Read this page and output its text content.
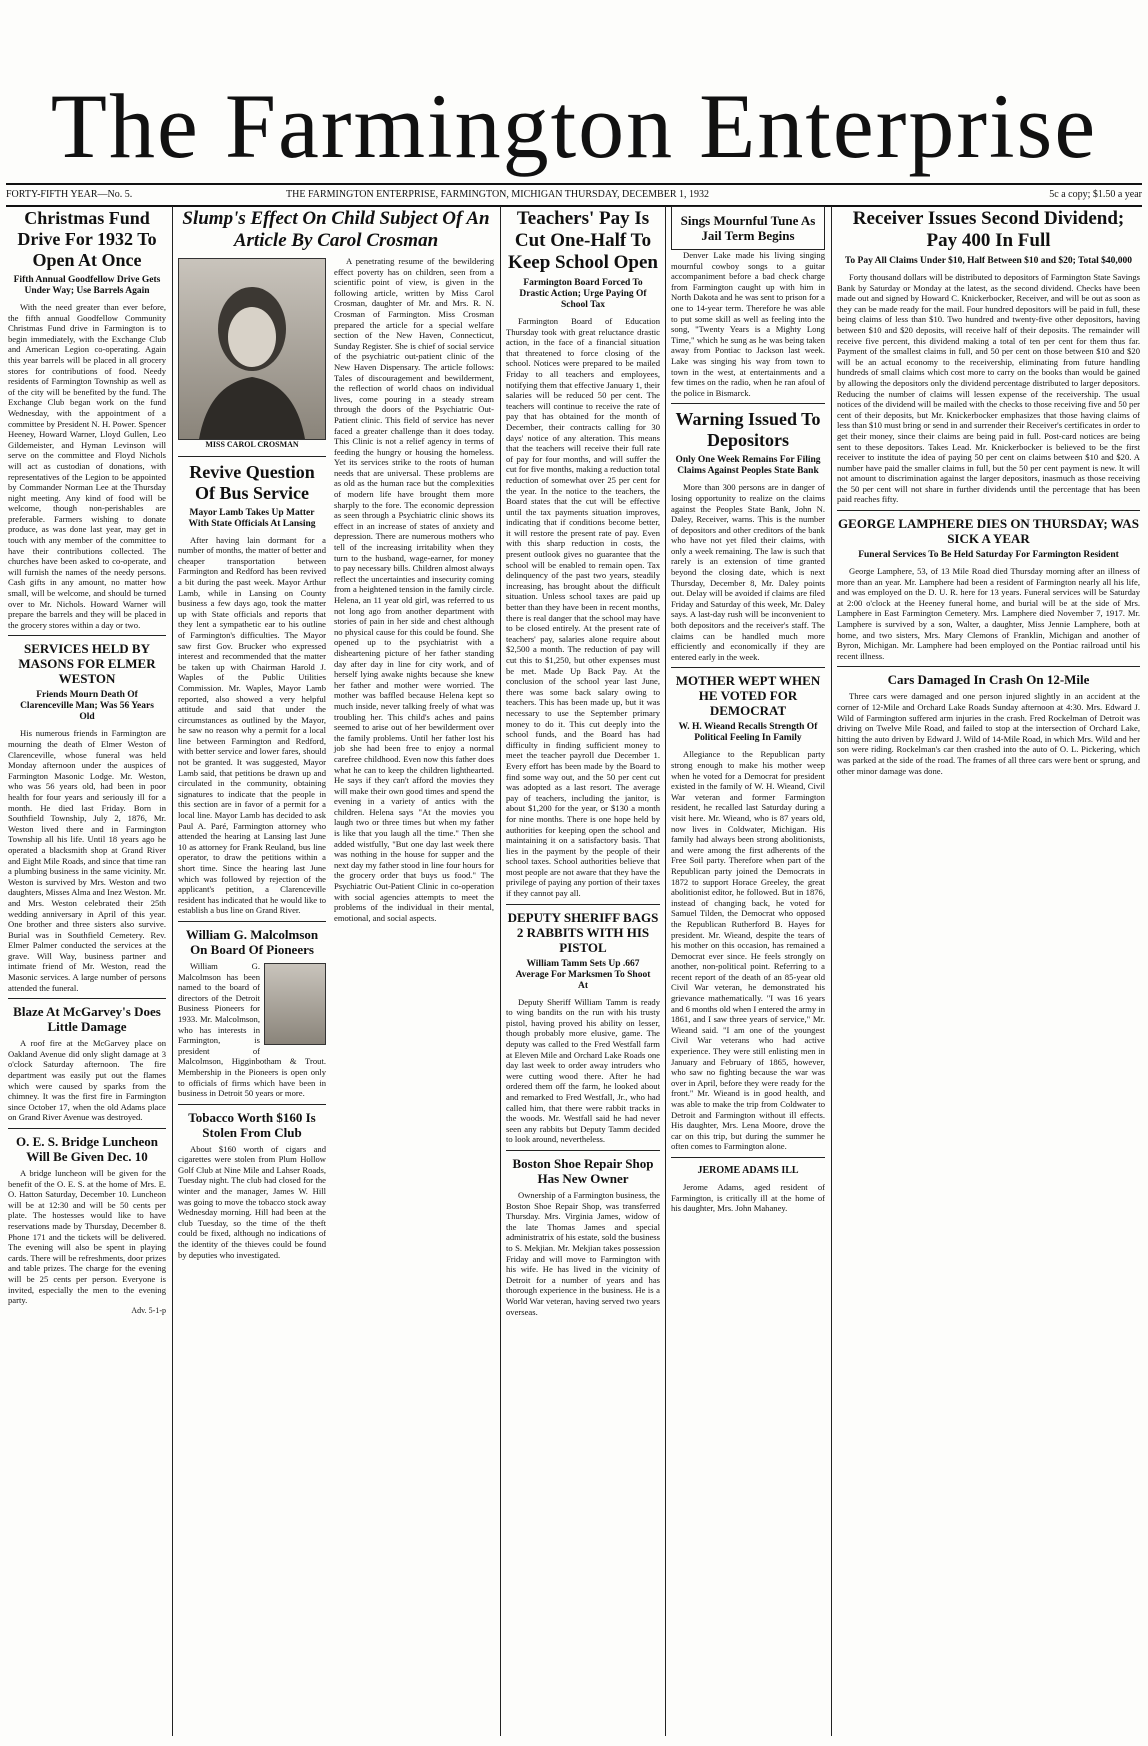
The Farmington Enterprise
FORTY-FIFTH YEAR—No. 5.	THE FARMINGTON ENTERPRISE, FARMINGTON, MICHIGAN THURSDAY, DECEMBER 1, 1932	5c a copy; $1.50 a year
Christmas Fund Drive For 1932 To Open At Once
Fifth Annual Goodfellow Drive Gets Under Way; Use Barrels Again

With the need greater than ever before, the fifth annual Goodfellow Community Christmas Fund drive in Farmington is to begin immediately, with the Exchange Club and American Legion co-operating. Again this year barrels will be placed in all grocery stores for contributions of food. Needy residents of Farmington Township as well as of the city will be benefited by the fund. The Exchange Club began work on the fund Wednesday, with the appointment of a committee by President N. H. Power. Spencer Heeney, Howard Warner, Lloyd Gullen, Leo Gildemeister, and Hyman Levinson will serve on the committee and Floyd Nichols will act as custodian of donations, with representatives of the Legion to be appointed by Commander Norman Lee at the Thursday night meeting. Any kind of food will be welcome, though non-perishables are preferable. Farmers wishing to donate produce, as was done last year, may get in touch with any member of the committee to have their contributions collected. The churches have been asked to co-operate, and will furnish the names of the needy persons. Cash gifts in any amount, no matter how small, will be welcome, and should be turned over to Mr. Nichols. Howard Warner will prepare the barrels and they will be placed in the grocery stores within a day or two.

SERVICES HELD BY MASONS FOR ELMER WESTON
Friends Mourn Death Of Clarenceville Man; Was 56 Years Old

His numerous friends in Farmington are mourning the death of Elmer Weston of Clarenceville, whose funeral was held Monday afternoon under the auspices of Farmington Masonic Lodge. Mr. Weston, who was 56 years old, had been in poor health for four years and seriously ill for a month. He died last Friday. Born in Southfield Township, July 2, 1876, Mr. Weston lived there and in Farmington Township all his life. Until 18 years ago he operated a blacksmith shop at Grand River and Eight Mile Roads, and since that time ran a plumbing business in the same vicinity. Mr. Weston is survived by Mrs. Weston and two daughters, Misses Alma and Inez Weston. Mr. and Mrs. Weston celebrated their 25th wedding anniversary in April of this year. One brother and three sisters also survive. Burial was in Southfield Cemetery. Rev. Elmer Palmer conducted the services at the grave. Will Way, business partner and intimate friend of Mr. Weston, read the Masonic services. A large number of persons attended the funeral.

Blaze At McGarvey's Does Little Damage

A roof fire at the McGarvey place on Oakland Avenue did only slight damage at 3 o'clock Saturday afternoon. The fire department was easily put out the flames which were caused by sparks from the chimney. It was the first fire in Farmington since October 17, when the old Adams place on Grand River Avenue was destroyed.

O. E. S. Bridge Luncheon Will Be Given Dec. 10

A bridge luncheon will be given for the benefit of the O. E. S. at the home of Mrs. E. O. Hatton Saturday, December 10. Luncheon will be at 12:30 and will be 50 cents per plate. The hostesses would like to have reservations made by Thursday, December 8. Phone 171 and the tickets will be delivered. The evening will also be spent in playing cards. There will be refreshments, door prizes and table prizes. The charge for the evening will be 25 cents per person. Everyone is invited, especially the men to the evening party.

Adv. 5-1-p
Slump's Effect On Child Subject Of An Article By Carol Crosman
MISS CAROL CROSMAN
Revive Question Of Bus Service
Mayor Lamb Takes Up Matter With State Officials At Lansing

After having lain dormant for a number of months, the matter of better and cheaper transportation between Farmington and Redford has been revived a bit during the past week. Mayor Arthur Lamb, while in Lansing on County business a few days ago, took the matter up with State officials and reports that they lent a sympathetic ear to his outline of Farmington's difficulties. The Mayor saw first Gov. Brucker who expressed interest and recommended that the matter be taken up with Chairman Harold J. Waples of the Public Utilities Commission. Mr. Waples, Mayor Lamb reported, also showed a very helpful attitude and said that under the circumstances as outlined by the Mayor, he saw no reason why a permit for a local line between Farmington and Redford, with better service and lower fares, should not be granted. It was suggested, Mayor Lamb said, that petitions be drawn up and circulated in the community, obtaining signatures to indicate that the people in this section are in favor of a permit for a local line. Mayor Lamb has decided to ask Paul A. Paré, Farmington attorney who attended the hearing at Lansing last June 10 as attorney for Frank Reuland, bus line operator, to draw the petitions within a short time. Since the hearing last June which was followed by rejection of the applicant's petition, a Clarenceville resident has indicated that he would like to establish a bus line on Grand River.

William G. Malcolmson On Board Of Pioneers

William G. Malcolmson has been named to the board of directors of the Detroit Business Pioneers for 1933. Mr. Malcolmson, who has interests in Farmington, is president of Malcolmson, Higginbotham & Trout. Membership in the Pioneers is open only to officials of firms which have been in business in Detroit 50 years or more.

Tobacco Worth $160 Is Stolen From Club

About $160 worth of cigars and cigarettes were stolen from Plum Hollow Golf Club at Nine Mile and Lahser Roads, Tuesday night. The club had closed for the winter and the manager, James W. Hill was going to move the tobacco stock away Wednesday morning. Hill had been at the club Tuesday, so the time of the theft could be fixed, although no indications of the identity of the thieves could be found by deputies who investigated.

A penetrating resume of the bewildering effect poverty has on children, seen from a scientific point of view, is given in the following article, written by Miss Carol Crosman, daughter of Mr. and Mrs. R. N. Crosman of Farmington. Miss Crosman prepared the article for a special welfare section of the New Haven, Connecticut, Sunday Register. She is chief of social service of the psychiatric out-patient clinic of the New Haven Dispensary. The article follows: Tales of discouragement and bewilderment, the reflection of world chaos on individual lives, come pouring in a steady stream through the doors of the Psychiatric Out-Patient clinic. This field of service has never faced a greater challenge than it does today. This Clinic is not a relief agency in terms of feeding the hungry or housing the homeless. Yet its services strike to the roots of human needs that are universal. These problems are as old as the human race but the complexities of modern life have brought them more sharply to the fore. The economic depression as seen through a Psychiatric clinic shows its effect in an increase of states of anxiety and depression. There are numerous mothers who tell of the increasing irritability when they turn to the husband, wage-earner, for money to pay necessary bills. Children almost always reflect the uncertainties and insecurity coming from a heightened tension in the family circle. Helena, an 11 year old girl, was referred to us not long ago from another department with stories of pain in her side and chest although no physical cause for this could be found. She opened up to the psychiatrist with a disheartening picture of her father standing day after day in line for city work, and of herself lying awake nights because she knew her father and mother were worried. The mother was baffled because Helena kept so much inside, never talking freely of what was troubling her. This child's aches and pains seemed to arise out of her bewilderment over the family problems. Until her father lost his job she had been free to enjoy a normal carefree childhood. Even now this father does what he can to keep the children lighthearted. He says if they can't afford the movies they will make their own good times and spend the evening in a variety of antics with the children. Helena says "At the movies you laugh two or three times but when my father is like that you laugh all the time." Then she added wistfully, "But one day last week there was nothing in the house for supper and the next day my father stood in line four hours for the grocery order that buys us food." The Psychiatric Out-Patient Clinic in co-operation with social agencies attempts to meet the problems of the individual in their mental, emotional, and social aspects.

Teachers' Pay Is Cut One-Half To Keep School Open
Farmington Board Forced To Drastic Action; Urge Paying Of School Tax

Farmington Board of Education Thursday took with great reluctance drastic action, in the face of a financial situation that threatened to force closing of the school. Notices were prepared to be mailed Friday to all teachers and employees, notifying them that effective January 1, their salaries will be reduced 50 per cent. The teachers will continue to receive the rate of pay that has obtained for the month of December, their contracts calling for 30 days' notice of any alteration. This means that the teachers will receive their full rate of pay for four months, and will suffer the cut for five months, making a reduction total reduction of somewhat over 25 per cent for the year. In the notice to the teachers, the Board states that the cut will be effective until the tax payments situation improves, indicating that if conditions become better, it will restore the present rate of pay. Even with this sharp reduction in costs, the present outlook gives no guarantee that the school will be enabled to remain open. Tax delinquency of the past two years, steadily increasing, has brought about the difficult situation. Unless school taxes are paid up better than they have been in recent months, there is real danger that the school may have to be closed entirely. At the present rate of teachers' pay, salaries alone require about $2,500 a month. The reduction of pay will cut this to $1,250, but other expenses must be met. Made Up Back Pay. At the conclusion of the school year last June, there was some back salary owing to teachers. This has been made up, but it was necessary to use the September primary money to do it. This cut deeply into the school funds, and the Board has had difficulty in finding sufficient money to meet the teacher payroll due December 1. Every effort has been made by the Board to find some way out, and the 50 per cent cut was adopted as a last resort. The average pay of teachers, including the janitor, is about $1,200 for the year, or $130 a month for nine months. There is one hope held by authorities for keeping open the school and maintaining it on a satisfactory basis. That lies in the payment by the people of their school taxes. School authorities believe that most people are not aware that they have the privilege of paying any portion of their taxes if they cannot pay all.

DEPUTY SHERIFF BAGS 2 RABBITS WITH HIS PISTOL
William Tamm Sets Up .667 Average For Marksmen To Shoot At

Deputy Sheriff William Tamm is ready to wing bandits on the run with his trusty pistol, having proved his ability on lesser, though probably more elusive, game. The deputy was called to the Fred Westfall farm at Eleven Mile and Orchard Lake Roads one day last week to order away intruders who were cutting wood there. After he had ordered them off the farm, he looked about and remarked to Fred Westfall, Jr., who had called him, that there were rabbit tracks in the woods. Mr. Westfall said he had never seen any rabbits but Deputy Tamm decided to look around, nevertheless.

Boston Shoe Repair Shop Has New Owner

Ownership of a Farmington business, the Boston Shoe Repair Shop, was transferred Thursday. Mrs. Virginia James, widow of the late Thomas James and special administratrix of his estate, sold the business to S. Mekjian. Mr. Mekjian takes possession Friday and will move to Farmington with his wife. He has lived in the vicinity of Detroit for a number of years and has thorough experience in the business. He is a World War veteran, having served two years overseas.

Sings Mournful Tune As Jail Term Begins

Denver Lake made his living singing mournful cowboy songs to a guitar accompaniment before a bad check charge from Farmington caught up with him in North Dakota and he was sent to prison for a one to 14-year term. Therefore he was able to put some skill as well as feeling into the song, "Twenty Years is a Mighty Long Time," which he sung as he was being taken away from Pontiac to Jackson last week. Lake was singing his way from town to town in the west, at entertainments and a few times on the radio, when he ran afoul of the police in Bismarck.

Warning Issued To Depositors
Only One Week Remains For Filing Claims Against Peoples State Bank

More than 300 persons are in danger of losing opportunity to realize on the claims against the Peoples State Bank, John N. Daley, Receiver, warns. This is the number of depositors and other creditors of the bank who have not yet filed their claims, with only a week remaining. The law is such that rarely is an extension of time granted beyond the closing date, which is next Thursday, December 8, Mr. Daley points out. Delay will be avoided if claims are filed Friday and Saturday of this week, Mr. Daley says. A last-day rush will be inconvenient to both depositors and the receiver's staff. The claims can be handled much more efficiently and economically if they are entered early in the week.

MOTHER WEPT WHEN HE VOTED FOR DEMOCRAT
W. H. Wieand Recalls Strength Of Political Feeling In Family

Allegiance to the Republican party strong enough to make his mother weep when he voted for a Democrat for president existed in the family of W. H. Wieand, Civil War veteran and former Farmington resident, he recalled last Saturday during a visit here. Mr. Wieand, who is 87 years old, now lives in Coldwater, Michigan. His family had always been strong abolitionists, and were among the first adherents of the Free Soil party. Therefore when part of the Republican party joined the Democrats in 1872 to support Horace Greeley, the great abolitionist editor, he followed. But in 1876, instead of changing back, he voted for Samuel Tilden, the Democrat who opposed the Republican Rutherford B. Hayes for president. Mr. Wieand, despite the tears of his mother on this occasion, has remained a Democrat ever since. He feels strongly on another, non-political point. Referring to a recent report of the death of an 85-year old Civil War veteran, he demonstrated his grievance mathematically. "I was 16 years and 6 months old when I entered the army in 1861, and I saw three years of service," Mr. Wieand said. "I am one of the youngest Civil War veterans who had active experience. They were still enlisting men in January and February of 1865, however, who saw no fighting because the war was over in April, before they were ready for the front." Mr. Wieand is in good health, and was able to make the trip from Coldwater to Detroit and Farmington without ill effects. His daughter, Mrs. Lena Moore, drove the car on this trip, but during the summer he often comes to Farmington alone.

JEROME ADAMS ILL

Jerome Adams, aged resident of Farmington, is critically ill at the home of his daughter, Mrs. John Mahaney.

Receiver Issues Second Dividend; Pay 400 In Full
To Pay All Claims Under $10, Half Between $10 and $20; Total $40,000

Forty thousand dollars will be distributed to depositors of Farmington State Savings Bank by Saturday or Monday at the latest, as the second dividend. Checks have been made out and signed by Howard C. Knickerbocker, Receiver, and will be out as soon as they can be made ready for the mail. Four hundred depositors will be paid in full, these being claims of less than $10. Two hundred and twenty-five other depositors, having between $10 and $20 deposits, will receive half of their deposits. The remainder will receive five percent, this dividend making a total of ten per cent for them thus far. Payment of the smallest claims in full, and 50 per cent on those between $10 and $20 will be an actual economy to the receivership, eliminating from future handling hundreds of small claims which cost more to carry on the books than would be gained by allowing the depositors only the dividend percentage distributed to larger depositors. Reducing the number of claims will lessen expense of the receivership. The usual notices of the dividend will be mailed with the checks to those receiving five and 50 per cent of their deposits, but Mr. Knickerbocker emphasizes that those having claims of less than $10 must bring or send in and surrender their Receiver's certificates in order to get their money, since their claims are being paid in full. Post-card notices are being sent to these depositors. Takes Lead. Mr. Knickerbocker is believed to be the first receiver to institute the idea of paying 50 per cent on claims between $10 and $20. A number have paid the smaller claims in full, but the 50 per cent payment is new. It will not amount to discrimination against the larger depositors, inasmuch as those receiving the 50 per cent will not share in further dividends until the percentage that has been paid reaches fifty.

GEORGE LAMPHERE DIES ON THURSDAY; WAS SICK A YEAR
Funeral Services To Be Held Saturday For Farmington Resident

George Lamphere, 53, of 13 Mile Road died Thursday morning after an illness of more than an year. Mr. Lamphere had been a resident of Farmington nearly all his life, and was employed on the D. U. R. here for 13 years. Funeral services will be Saturday at 2:00 o'clock at the Heeney funeral home, and burial will be at the side of Mrs. Lamphere in East Farmington Cemetery. Mrs. Lamphere died November 7, 1917. Mr. Lamphere is survived by a son, Walter, a daughter, Miss Jennie Lamphere, both at home, and two sisters, Mrs. Mary Clemons of Franklin, Michigan and another of Byron, Michigan. Mr. Lamphere had been employed on the Pontiac railroad until his recent illness.

Cars Damaged In Crash On 12-Mile

Three cars were damaged and one person injured slightly in an accident at the corner of 12-Mile and Orchard Lake Roads Sunday afternoon at 4:30. Mrs. Edward J. Wild of Farmington suffered arm injuries in the crash. Fred Rockelman of Detroit was driving on Twelve Mile Road, and failed to stop at the intersection of Orchard Lake, hitting the auto driven by Edward J. Wild of 14-Mile Road, in which Mrs. Wild and her son were riding. Rockelman's car then crashed into the auto of O. L. Pickering, which was parked at the side of the road. The frames of all three cars were bent or sprung, and other minor damage was done.
